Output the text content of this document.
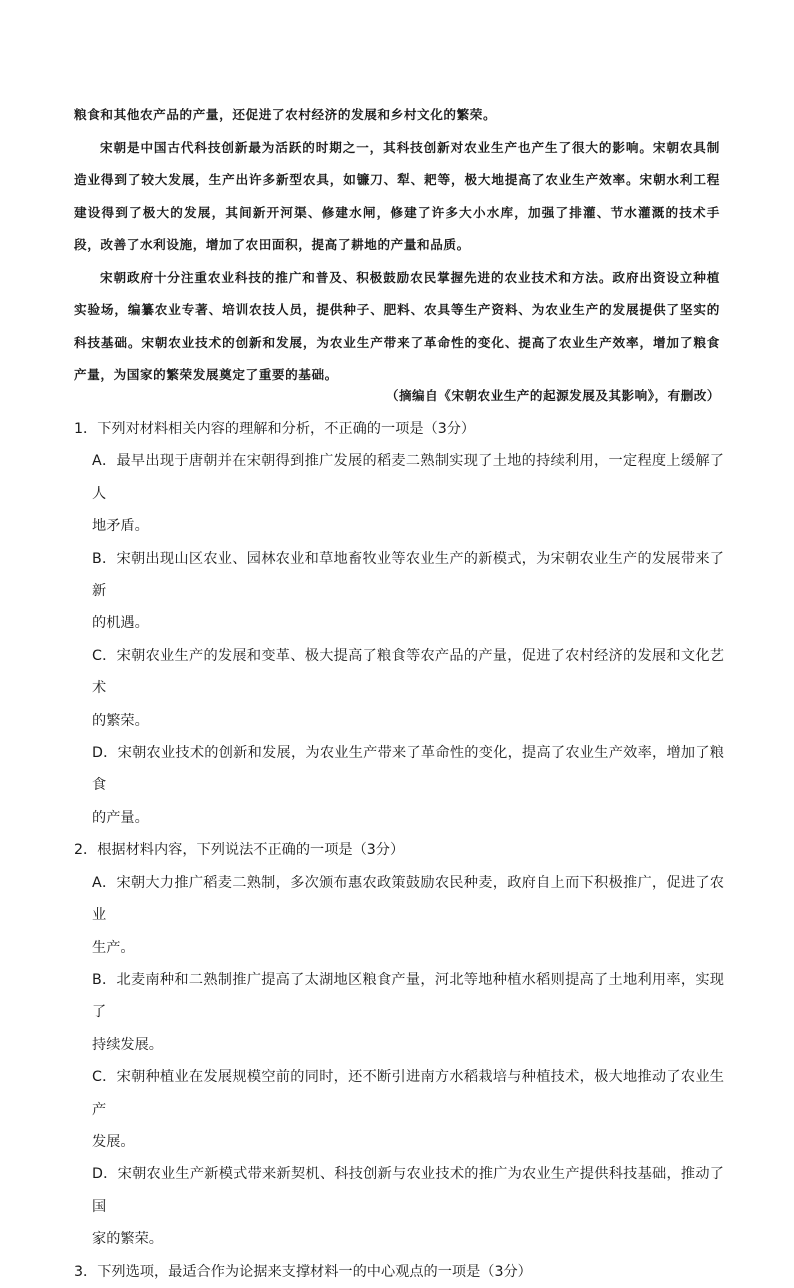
粮食和其他农产品的产量，还促进了农村经济的发展和乡村文化的繁荣。

宋朝是中国古代科技创新最为活跃的时期之一，其科技创新对农业生产也产生了很大的影响。宋朝农具制造业得到了较大发展，生产出许多新型农具，如镰刀、犁、耙等，极大地提高了农业生产效率。宋朝水利工程建设得到了极大的发展，其间新开河渠、修建水闸，修建了许多大小水库，加强了排灌、节水灌溉的技术手段，改善了水利设施，增加了农田面积，提高了耕地的产量和品质。

宋朝政府十分注重农业科技的推广和普及、积极鼓励农民掌握先进的农业技术和方法。政府出资设立种植实验场，编纂农业专著、培训农技人员，提供种子、肥料、农具等生产资料、为农业生产的发展提供了坚实的科技基础。宋朝农业技术的创新和发展，为农业生产带来了革命性的变化、提高了农业生产效率，增加了粮食产量，为国家的繁荣发展奠定了重要的基础。

（摘编自《宋朝农业生产的起源发展及其影响》，有删改）

1．下列对材料相关内容的理解和分析，不正确的一项是（3分）

A．最早出现于唐朝并在宋朝得到推广发展的稻麦二熟制实现了土地的持续利用，一定程度上缓解了人
地矛盾。

B．宋朝出现山区农业、园林农业和草地畜牧业等农业生产的新模式，为宋朝农业生产的发展带来了新
的机遇。

C．宋朝农业生产的发展和变革、极大提高了粮食等农产品的产量，促进了农村经济的发展和文化艺术
的繁荣。

D．宋朝农业技术的创新和发展，为农业生产带来了革命性的变化，提高了农业生产效率，增加了粮食
的产量。

2．根据材料内容，下列说法不正确的一项是（3分）

A．宋朝大力推广稻麦二熟制，多次颁布惠农政策鼓励农民种麦，政府自上而下积极推广，促进了农业
生产。

B．北麦南种和二熟制推广提高了太湖地区粮食产量，河北等地种植水稻则提高了土地利用率，实现了
持续发展。

C．宋朝种植业在发展规模空前的同时，还不断引进南方水稻栽培与种植技术，极大地推动了农业生产
发展。

D．宋朝农业生产新模式带来新契机、科技创新与农业技术的推广为农业生产提供科技基础，推动了国
家的繁荣。

3．下列选项，最适合作为论据来支撑材料一的中心观点的一项是（3分）
